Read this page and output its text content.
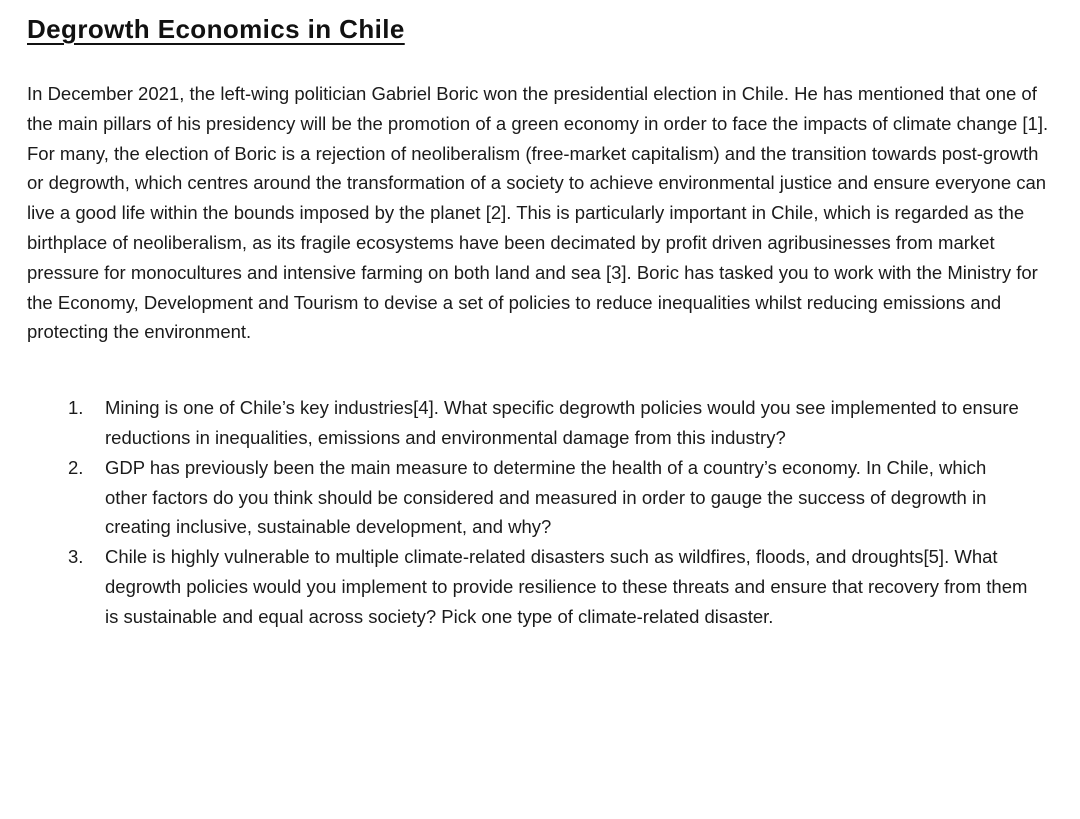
Degrowth Economics in Chile

In December 2021, the left-wing politician Gabriel Boric won the presidential election in Chile. He has mentioned that one of the main pillars of his presidency will be the promotion of a green economy in order to face the impacts of climate change [1]. For many, the election of Boric is a rejection of neoliberalism (free-market capitalism) and the transition towards post-growth or degrowth, which centres around the transformation of a society to achieve environmental justice and ensure everyone can live a good life within the bounds imposed by the planet [2]. This is particularly important in Chile, which is regarded as the birthplace of neoliberalism, as its fragile ecosystems have been decimated by profit driven agribusinesses from market pressure for monocultures and intensive farming on both land and sea [3]. Boric has tasked you to work with the Ministry for the Economy, Development and Tourism to devise a set of policies to reduce inequalities whilst reducing emissions and protecting the environment.

1.	Mining is one of Chile’s key industries[4]. What specific degrowth policies would you see implemented to ensure reductions in inequalities, emissions and environmental damage from this industry?
2.	GDP has previously been the main measure to determine the health of a country’s economy. In Chile, which other factors do you think should be considered and measured in order to gauge the success of degrowth in creating inclusive, sustainable development, and why?
3.	Chile is highly vulnerable to multiple climate-related disasters such as wildfires, floods, and droughts[5]. What degrowth policies would you implement to provide resilience to these threats and ensure that recovery from them is sustainable and equal across society? Pick one type of climate-related disaster.
